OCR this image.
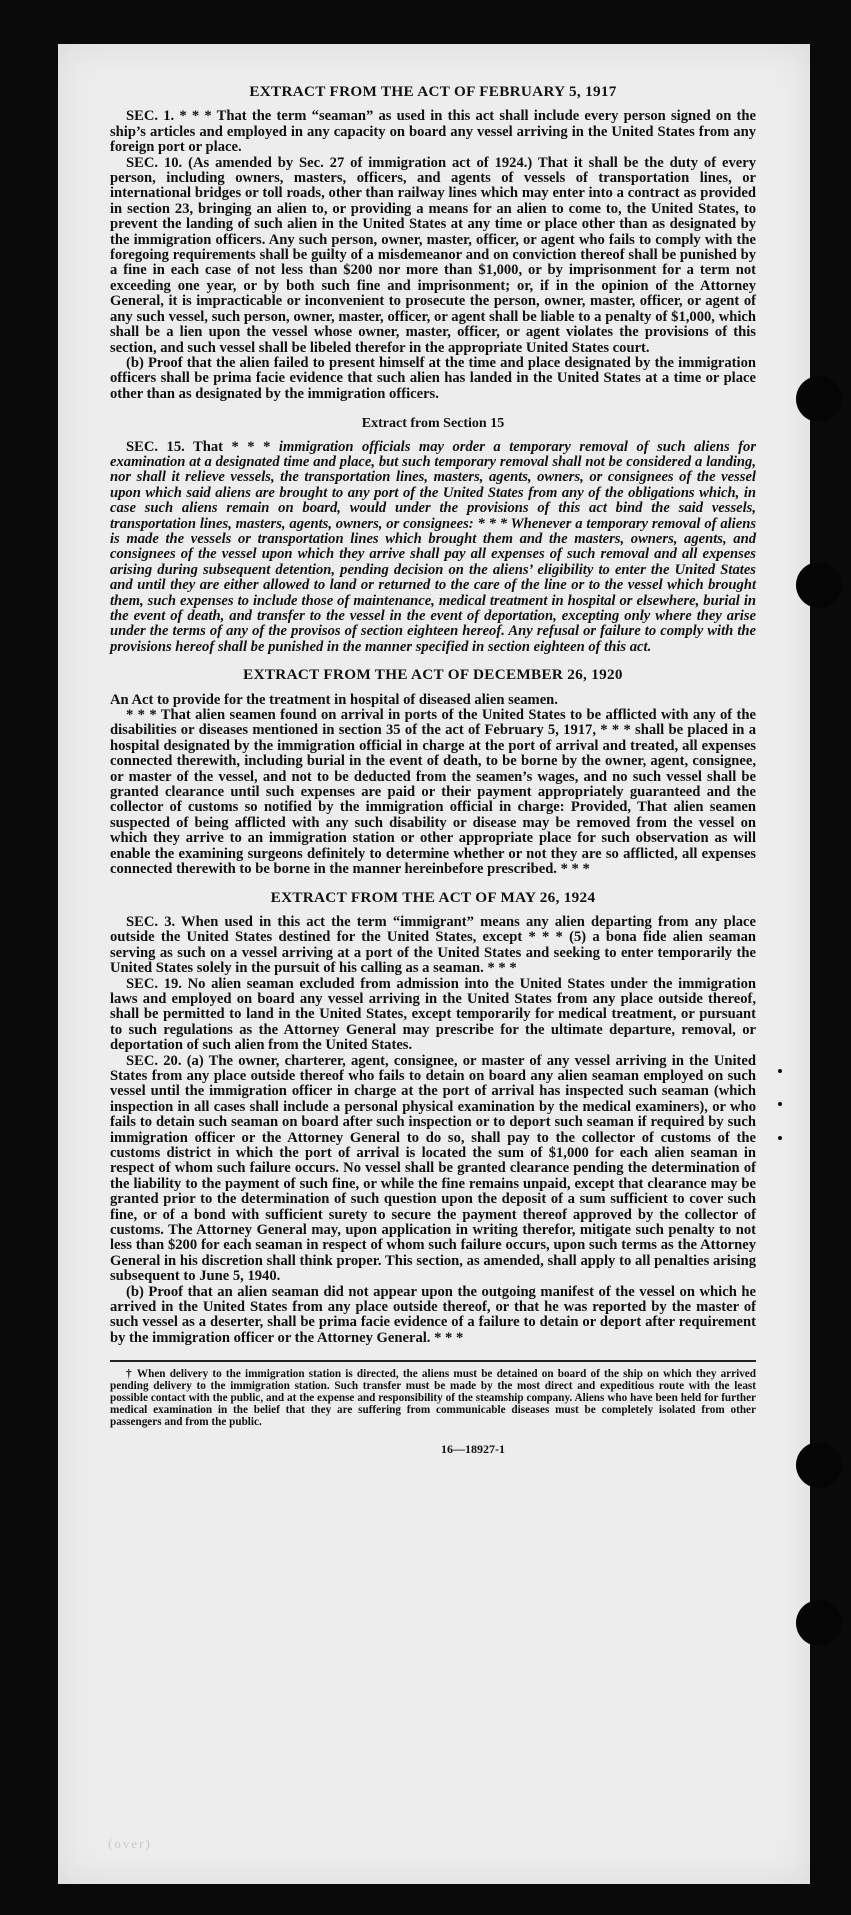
EXTRACT FROM THE ACT OF FEBRUARY 5, 1917

SEC. 1. * * * That the term “seaman” as used in this act shall include every person signed on the ship’s articles and employed in any capacity on board any vessel arriving in the United States from any foreign port or place.

SEC. 10. (As amended by Sec. 27 of immigration act of 1924.) That it shall be the duty of every person, including owners, masters, officers, and agents of vessels of transportation lines, or international bridges or toll roads, other than railway lines which may enter into a contract as provided in section 23, bringing an alien to, or providing a means for an alien to come to, the United States, to prevent the landing of such alien in the United States at any time or place other than as designated by the immigration officers. Any such person, owner, master, officer, or agent who fails to comply with the foregoing requirements shall be guilty of a misdemeanor and on conviction thereof shall be punished by a fine in each case of not less than $200 nor more than $1,000, or by imprisonment for a term not exceeding one year, or by both such fine and imprisonment; or, if in the opinion of the Attorney General, it is impracticable or inconvenient to prosecute the person, owner, master, officer, or agent of any such vessel, such person, owner, master, officer, or agent shall be liable to a penalty of $1,000, which shall be a lien upon the vessel whose owner, master, officer, or agent violates the provisions of this section, and such vessel shall be libeled therefor in the appropriate United States court.

(b) Proof that the alien failed to present himself at the time and place designated by the immigration officers shall be prima facie evidence that such alien has landed in the United States at a time or place other than as designated by the immigration officers.

Extract from Section 15

SEC. 15. That * * * immigration officials may order a temporary removal of such aliens for examination at a designated time and place, but such temporary removal shall not be considered a landing, nor shall it relieve vessels, the transportation lines, masters, agents, owners, or consignees of the vessel upon which said aliens are brought to any port of the United States from any of the obligations which, in case such aliens remain on board, would under the provisions of this act bind the said vessels, transportation lines, masters, agents, owners, or consignees: * * * Whenever a temporary removal of aliens is made the vessels or transportation lines which brought them and the masters, owners, agents, and consignees of the vessel upon which they arrive shall pay all expenses of such removal and all expenses arising during subsequent detention, pending decision on the aliens’ eligibility to enter the United States and until they are either allowed to land or returned to the care of the line or to the vessel which brought them, such expenses to include those of maintenance, medical treatment in hospital or elsewhere, burial in the event of death, and transfer to the vessel in the event of deportation, excepting only where they arise under the terms of any of the provisos of section eighteen hereof. Any refusal or failure to comply with the provisions hereof shall be punished in the manner specified in section eighteen of this act.

EXTRACT FROM THE ACT OF DECEMBER 26, 1920

An Act to provide for the treatment in hospital of diseased alien seamen.

* * * That alien seamen found on arrival in ports of the United States to be afflicted with any of the disabilities or diseases mentioned in section 35 of the act of February 5, 1917, * * * shall be placed in a hospital designated by the immigration official in charge at the port of arrival and treated, all expenses connected therewith, including burial in the event of death, to be borne by the owner, agent, consignee, or master of the vessel, and not to be deducted from the seamen’s wages, and no such vessel shall be granted clearance until such expenses are paid or their payment appropriately guaranteed and the collector of customs so notified by the immigration official in charge: Provided, That alien seamen suspected of being afflicted with any such disability or disease may be removed from the vessel on which they arrive to an immigration station or other appropriate place for such observation as will enable the examining surgeons definitely to determine whether or not they are so afflicted, all expenses connected therewith to be borne in the manner hereinbefore prescribed. * * *

EXTRACT FROM THE ACT OF MAY 26, 1924

SEC. 3. When used in this act the term “immigrant” means any alien departing from any place outside the United States destined for the United States, except * * * (5) a bona fide alien seaman serving as such on a vessel arriving at a port of the United States and seeking to enter temporarily the United States solely in the pursuit of his calling as a seaman. * * *

SEC. 19. No alien seaman excluded from admission into the United States under the immigration laws and employed on board any vessel arriving in the United States from any place outside thereof, shall be permitted to land in the United States, except temporarily for medical treatment, or pursuant to such regulations as the Attorney General may prescribe for the ultimate departure, removal, or deportation of such alien from the United States.

SEC. 20. (a) The owner, charterer, agent, consignee, or master of any vessel arriving in the United States from any place outside thereof who fails to detain on board any alien seaman employed on such vessel until the immigration officer in charge at the port of arrival has inspected such seaman (which inspection in all cases shall include a personal physical examination by the medical examiners), or who fails to detain such seaman on board after such inspection or to deport such seaman if required by such immigration officer or the Attorney General to do so, shall pay to the collector of customs of the customs district in which the port of arrival is located the sum of $1,000 for each alien seaman in respect of whom such failure occurs. No vessel shall be granted clearance pending the determination of the liability to the payment of such fine, or while the fine remains unpaid, except that clearance may be granted prior to the determination of such question upon the deposit of a sum sufficient to cover such fine, or of a bond with sufficient surety to secure the payment thereof approved by the collector of customs. The Attorney General may, upon application in writing therefor, mitigate such penalty to not less than $200 for each seaman in respect of whom such failure occurs, upon such terms as the Attorney General in his discretion shall think proper. This section, as amended, shall apply to all penalties arising subsequent to June 5, 1940.

(b) Proof that an alien seaman did not appear upon the outgoing manifest of the vessel on which he arrived in the United States from any place outside thereof, or that he was reported by the master of such vessel as a deserter, shall be prima facie evidence of a failure to detain or deport after requirement by the immigration officer or the Attorney General. * * *

† When delivery to the immigration station is directed, the aliens must be detained on board of the ship on which they arrived pending delivery to the immigration station. Such transfer must be made by the most direct and expeditious route with the least possible contact with the public, and at the expense and responsibility of the steamship company. Aliens who have been held for further medical examination in the belief that they are suffering from communicable diseases must be completely isolated from other passengers and from the public.

16—18927-1
(over)
